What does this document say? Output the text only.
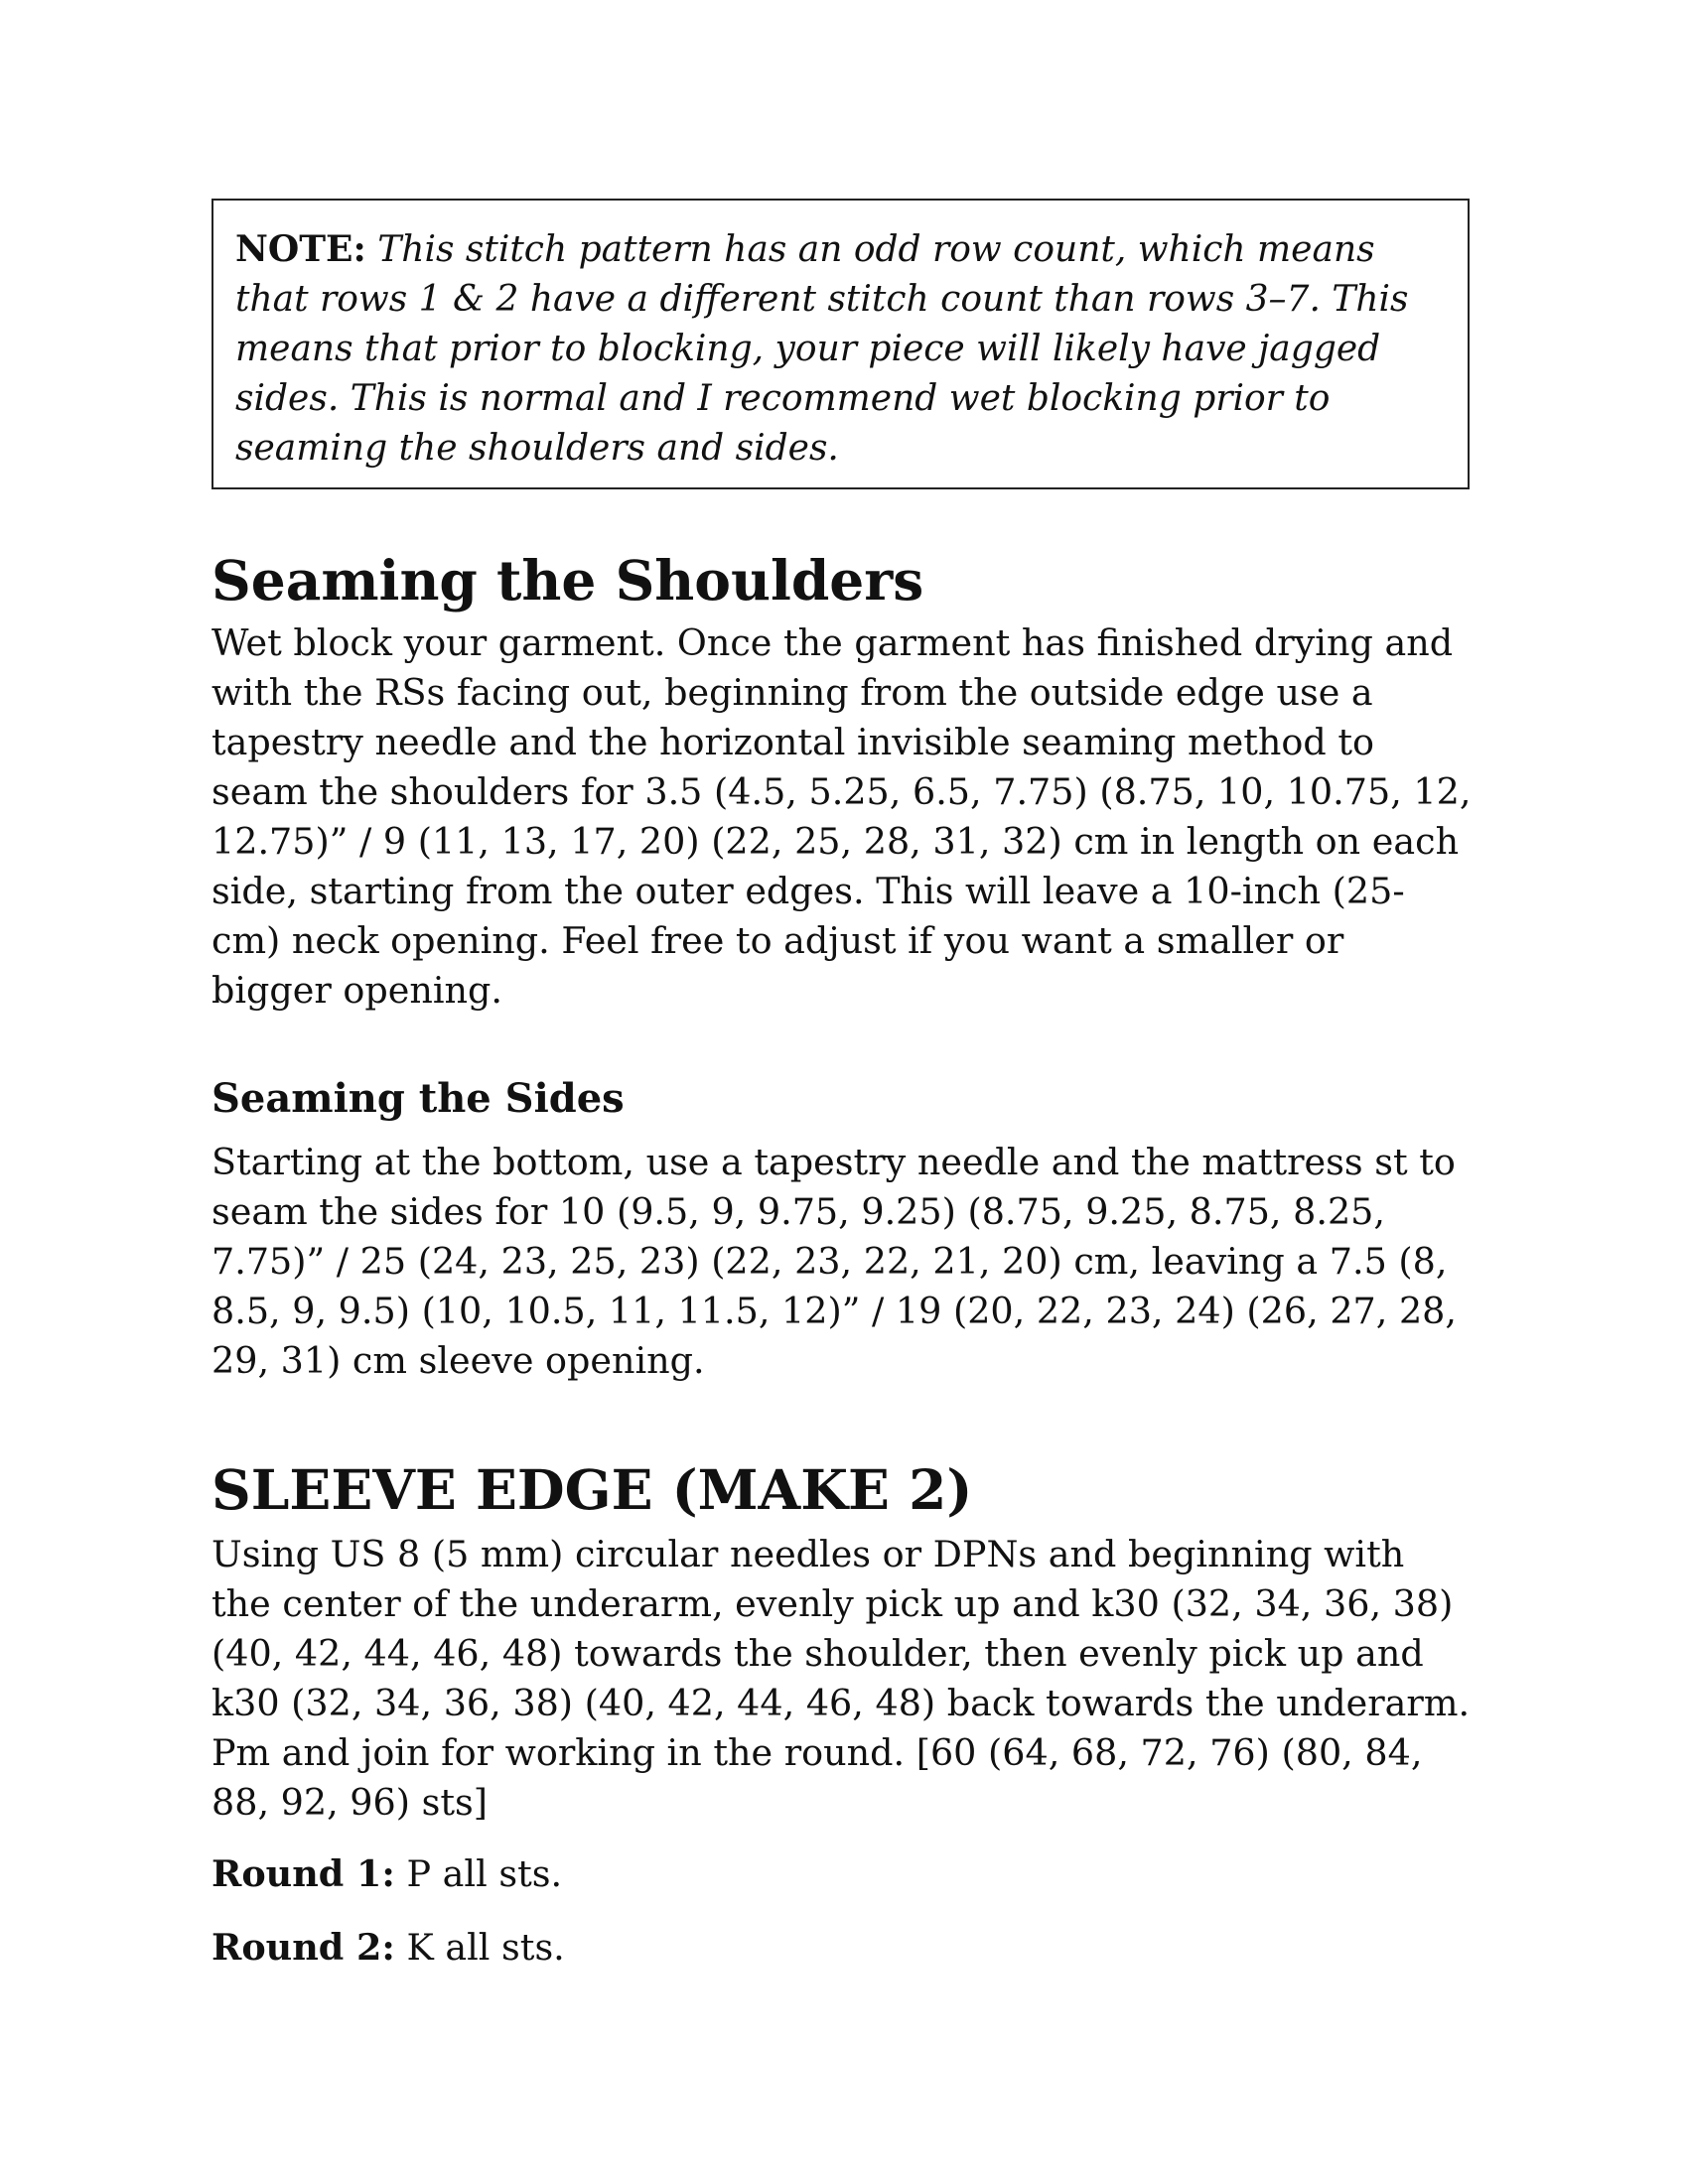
NOTE: This stitch pattern has an odd row count, which means that rows 1 & 2 have a different stitch count than rows 3–7. This means that prior to blocking, your piece will likely have jagged sides. This is normal and I recommend wet blocking prior to seaming the shoulders and sides.
Seaming the Shoulders

Wet block your garment. Once the garment has finished drying and with the RSs facing out, beginning from the outside edge use a tapestry needle and the horizontal invisible seaming method to seam the shoulders for 3.5 (4.5, 5.25, 6.5, 7.75) (8.75, 10, 10.75, 12, 12.75)” / 9 (11, 13, 17, 20) (22, 25, 28, 31, 32) cm in length on each side, starting from the outer edges. This will leave a 10-inch (25-cm) neck opening. Feel free to adjust if you want a smaller or bigger opening.

Seaming the Sides

Starting at the bottom, use a tapestry needle and the mattress st to seam the sides for 10 (9.5, 9, 9.75, 9.25) (8.75, 9.25, 8.75, 8.25, 7.75)” / 25 (24, 23, 25, 23) (22, 23, 22, 21, 20) cm, leaving a 7.5 (8, 8.5, 9, 9.5) (10, 10.5, 11, 11.5, 12)” / 19 (20, 22, 23, 24) (26, 27, 28, 29, 31) cm sleeve opening.

SLEEVE EDGE (MAKE 2)

Using US 8 (5 mm) circular needles or DPNs and beginning with the center of the underarm, evenly pick up and k30 (32, 34, 36, 38) (40, 42, 44, 46, 48) towards the shoulder, then evenly pick up and k30 (32, 34, 36, 38) (40, 42, 44, 46, 48) back towards the underarm. Pm and join for working in the round. [60 (64, 68, 72, 76) (80, 84, 88, 92, 96) sts]

Round 1: P all sts.

Round 2: K all sts.
